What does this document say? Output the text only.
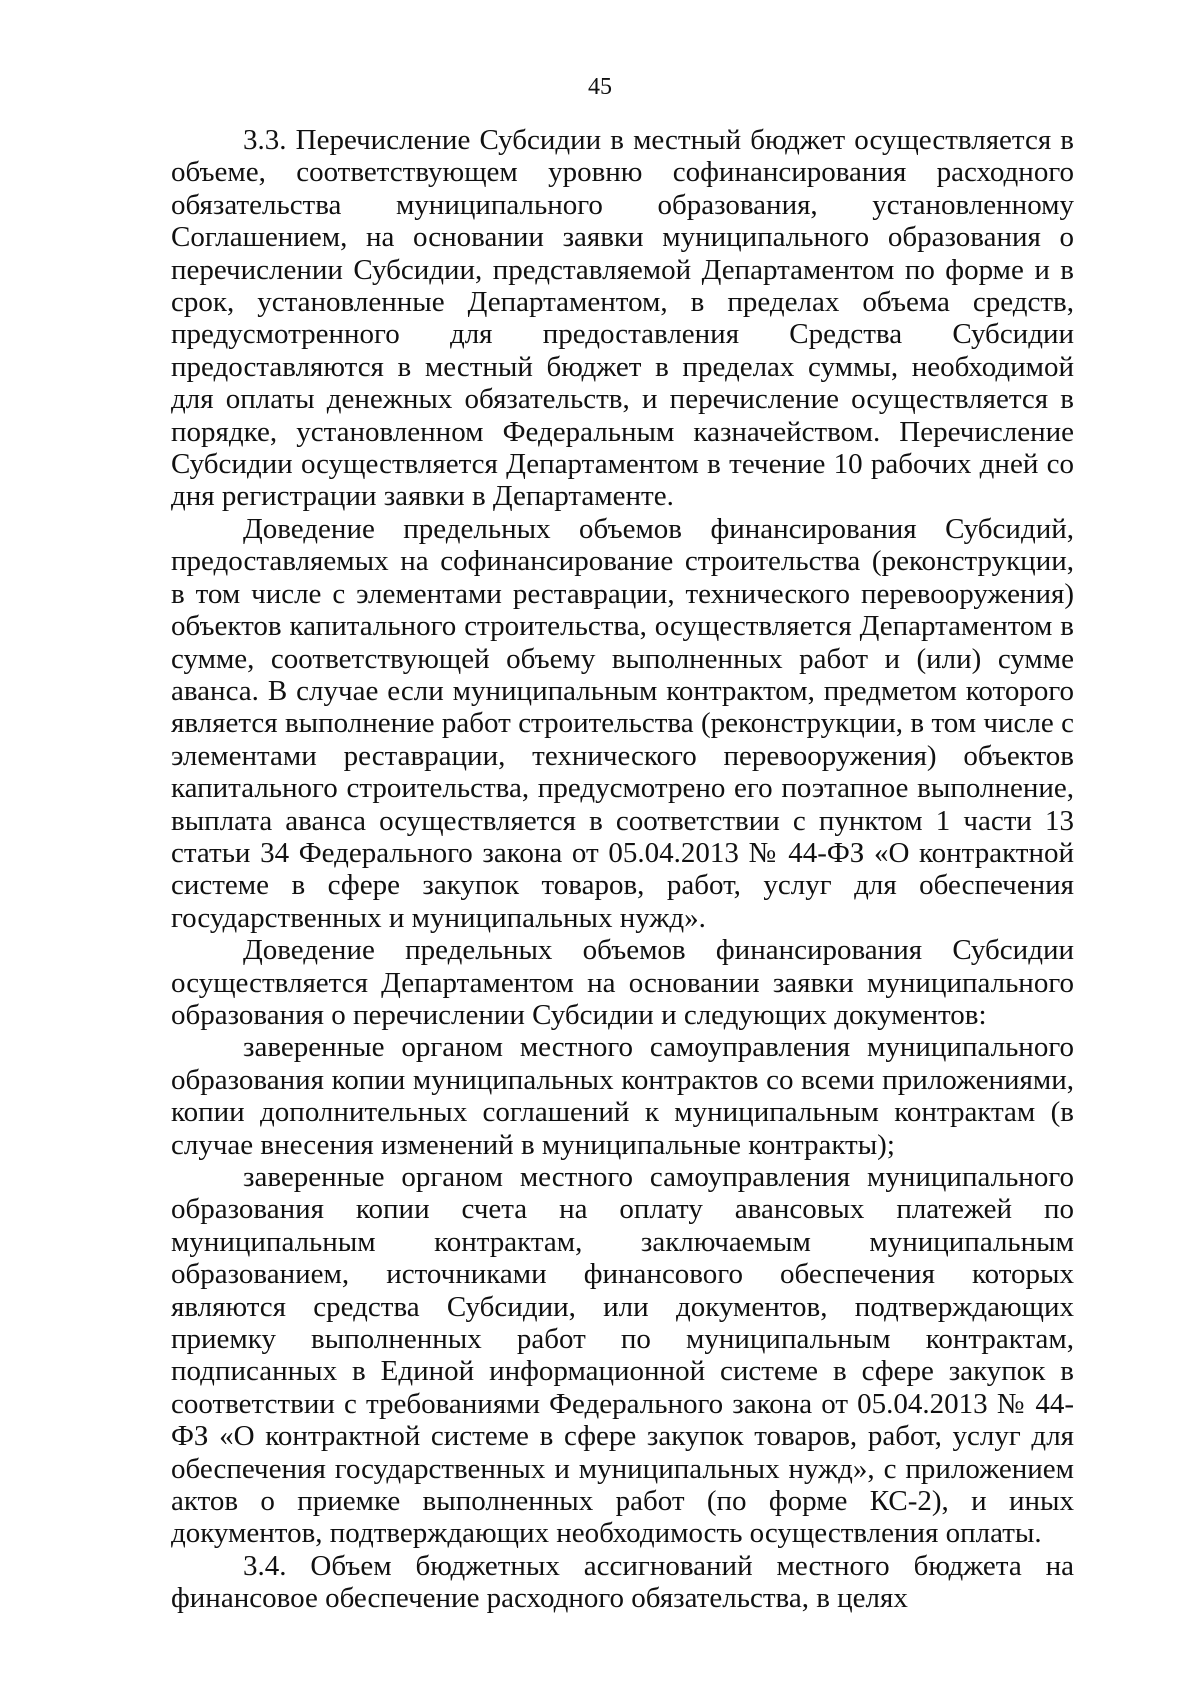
45

3.3. Перечисление Субсидии в местный бюджет осуществляется в объеме, соответствующем уровню софинансирования расходного обязательства муниципального образования, установленному Соглашением, на основании заявки муниципального образования о перечислении Субсидии, представляемой Департаментом по форме и в срок, установленные Департаментом, в пределах объема средств, предусмотренного для предоставления Средства Субсидии предоставляются в местный бюджет в пределах суммы, необходимой для оплаты денежных обязательств, и перечисление осуществляется в порядке, установленном Федеральным казначейством. Перечисление Субсидии осуществляется Департаментом в течение 10 рабочих дней со дня регистрации заявки в Департаменте.

Доведение предельных объемов финансирования Субсидий, предоставляемых на софинансирование строительства (реконструкции, в том числе с элементами реставрации, технического перевооружения) объектов капитального строительства, осуществляется Департаментом в сумме, соответствующей объему выполненных работ и (или) сумме аванса. В случае если муниципальным контрактом, предметом которого является выполнение работ строительства (реконструкции, в том числе с элементами реставрации, технического перевооружения) объектов капитального строительства, предусмотрено его поэтапное выполнение, выплата аванса осуществляется в соответствии с пунктом 1 части 13 статьи 34 Федерального закона от 05.04.2013 № 44-ФЗ «О контрактной системе в сфере закупок товаров, работ, услуг для обеспечения государственных и муниципальных нужд».

Доведение предельных объемов финансирования Субсидии осуществляется Департаментом на основании заявки муниципального образования о перечислении Субсидии и следующих документов:

заверенные органом местного самоуправления муниципального образования копии муниципальных контрактов со всеми приложениями, копии дополнительных соглашений к муниципальным контрактам (в случае внесения изменений в муниципальные контракты);

заверенные органом местного самоуправления муниципального образования копии счета на оплату авансовых платежей по муниципальным контрактам, заключаемым муниципальным образованием, источниками финансового обеспечения которых являются средства Субсидии, или документов, подтверждающих приемку выполненных работ по муниципальным контрактам, подписанных в Единой информационной системе в сфере закупок в соответствии с требованиями Федерального закона от 05.04.2013 № 44-ФЗ «О контрактной системе в сфере закупок товаров, работ, услуг для обеспечения государственных и муниципальных нужд», с приложением актов о приемке выполненных работ (по форме КС-2), и иных документов, подтверждающих необходимость осуществления оплаты.

3.4. Объем бюджетных ассигнований местного бюджета на финансовое обеспечение расходного обязательства, в целях
